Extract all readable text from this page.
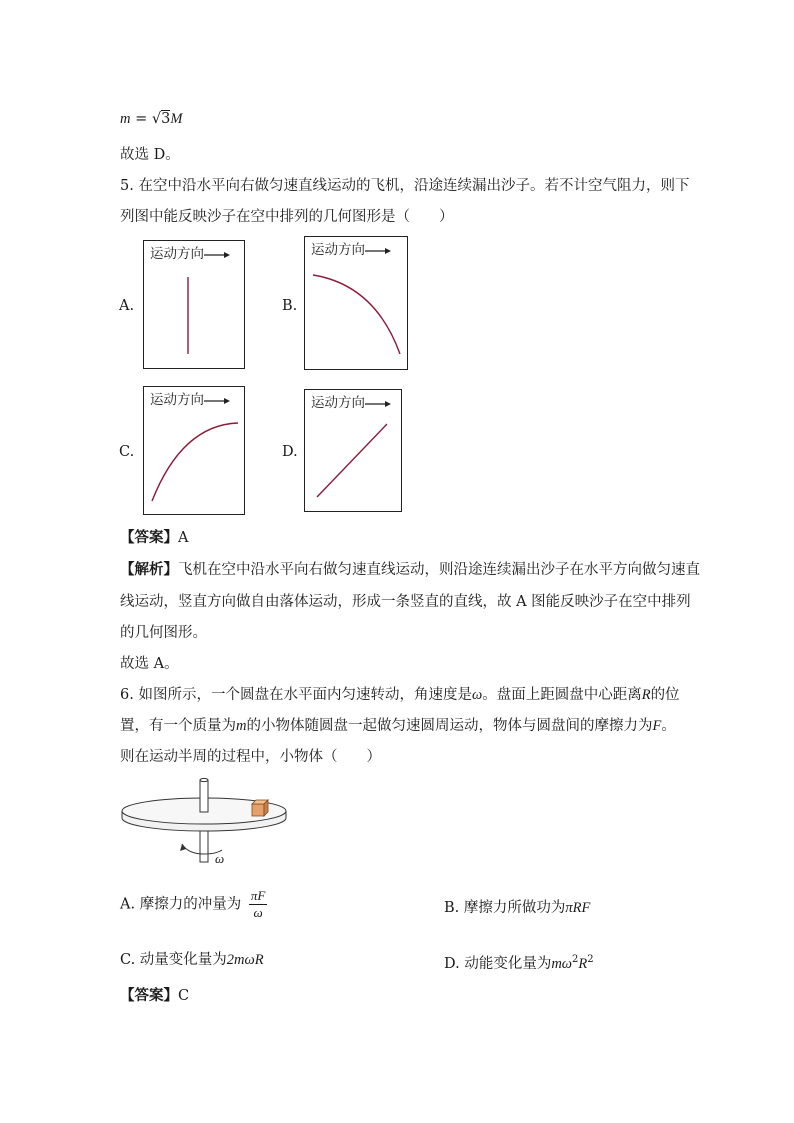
m = √3M
故选 D。
5. 在空中沿水平向右做匀速直线运动的飞机，沿途连续漏出沙子。若不计空气阻力，则下
列图中能反映沙子在空中排列的几何图形是（　　）
A.
运动方向
B.
运动方向
C.
运动方向
D.
运动方向
【答案】A
【解析】飞机在空中沿水平向右做匀速直线运动，则沿途连续漏出沙子在水平方向做匀速直
线运动，竖直方向做自由落体运动，形成一条竖直的直线，故 A 图能反映沙子在空中排列
的几何图形。
故选 A。
6. 如图所示，一个圆盘在水平面内匀速转动，角速度是ω。盘面上距圆盘中心距离R的位
置，有一个质量为m的小物体随圆盘一起做匀速圆周运动，物体与圆盘间的摩擦力为F。
则在运动半周的过程中，小物体（　　）
ω
A. 摩擦力的冲量为 $\frac{\pi F}{\omega}$	B. 摩擦力所做功为πRF
C. 动量变化量为2mωR	D. 动能变化量为$m\omega^2R^2$
【答案】C
